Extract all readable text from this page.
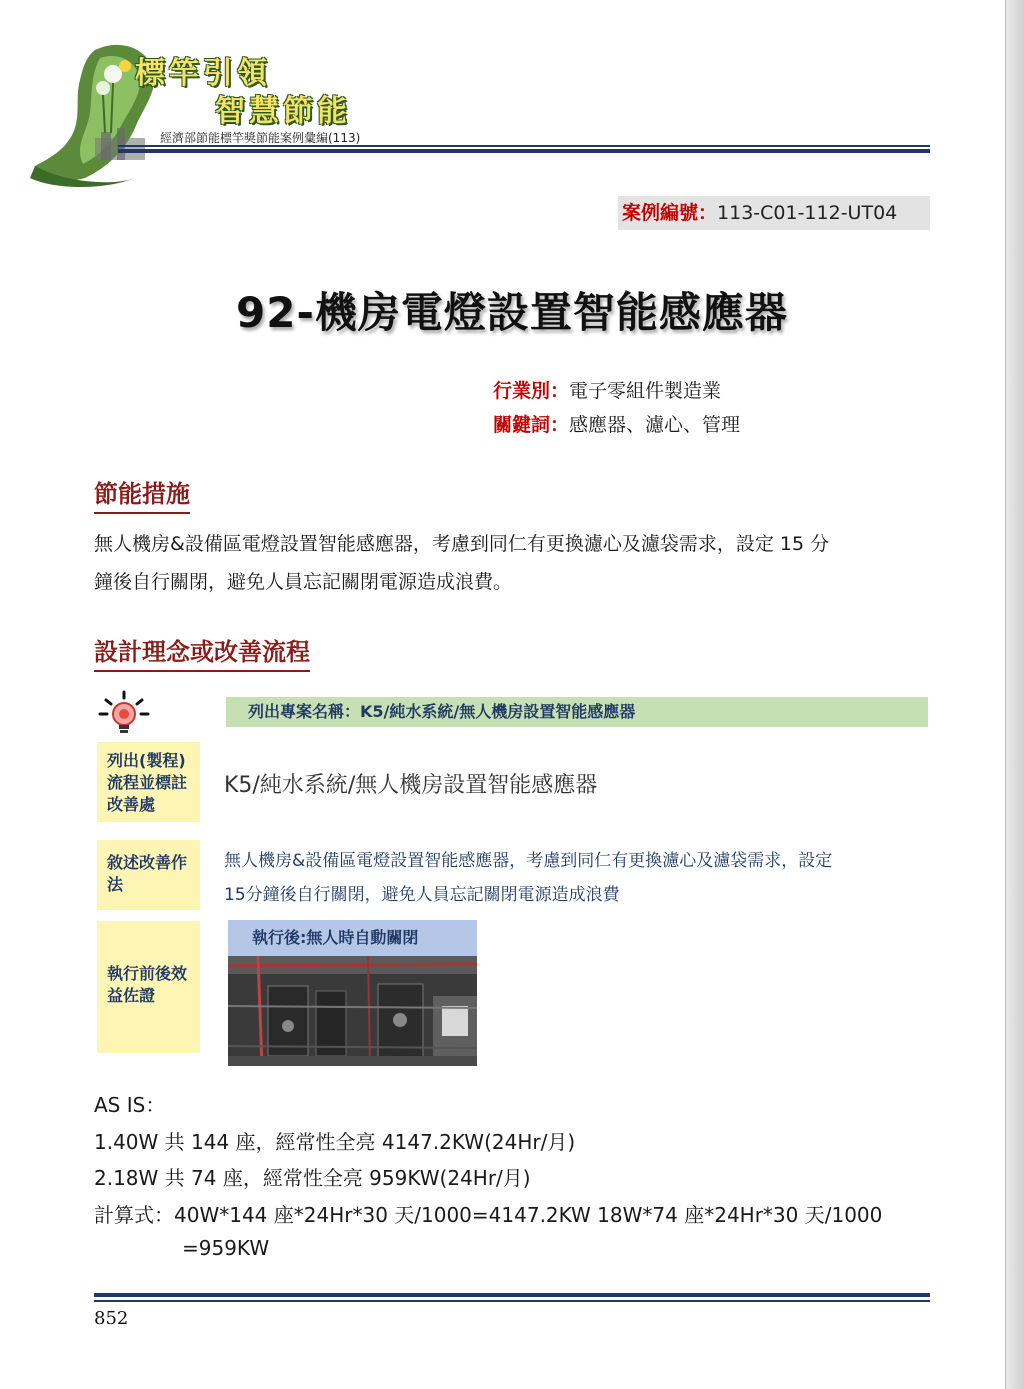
標竿引領
智慧節能
經濟部節能標竿獎節能案例彙編(113)
案例編號：113-C01-112-UT04
92-機房電燈設置智能感應器
行業別：電子零組件製造業
關鍵詞：感應器、濾心、管理
節能措施
無人機房&設備區電燈設置智能感應器，考慮到同仁有更換濾心及濾袋需求，設定 15 分
鐘後自行關閉，避免人員忘記關閉電源造成浪費。
設計理念或改善流程
列出專案名稱：K5/純水系統/無人機房設置智能感應器
列出(製程)流程並標註改善處
K5/純水系統/無人機房設置智能感應器
敘述改善作法
無人機房&設備區電燈設置智能感應器，考慮到同仁有更換濾心及濾袋需求，設定
15分鐘後自行關閉，避免人員忘記關閉電源造成浪費
執行前後效益佐證
執行後:無人時自動關閉
AS IS：
1.40W 共 144 座，經常性全亮 4147.2KW(24Hr/月)
2.18W 共 74 座，經常性全亮 959KW(24Hr/月)
計算式：40W*144 座*24Hr*30 天/1000=4147.2KW 18W*74 座*24Hr*30 天/1000
=959KW
852
